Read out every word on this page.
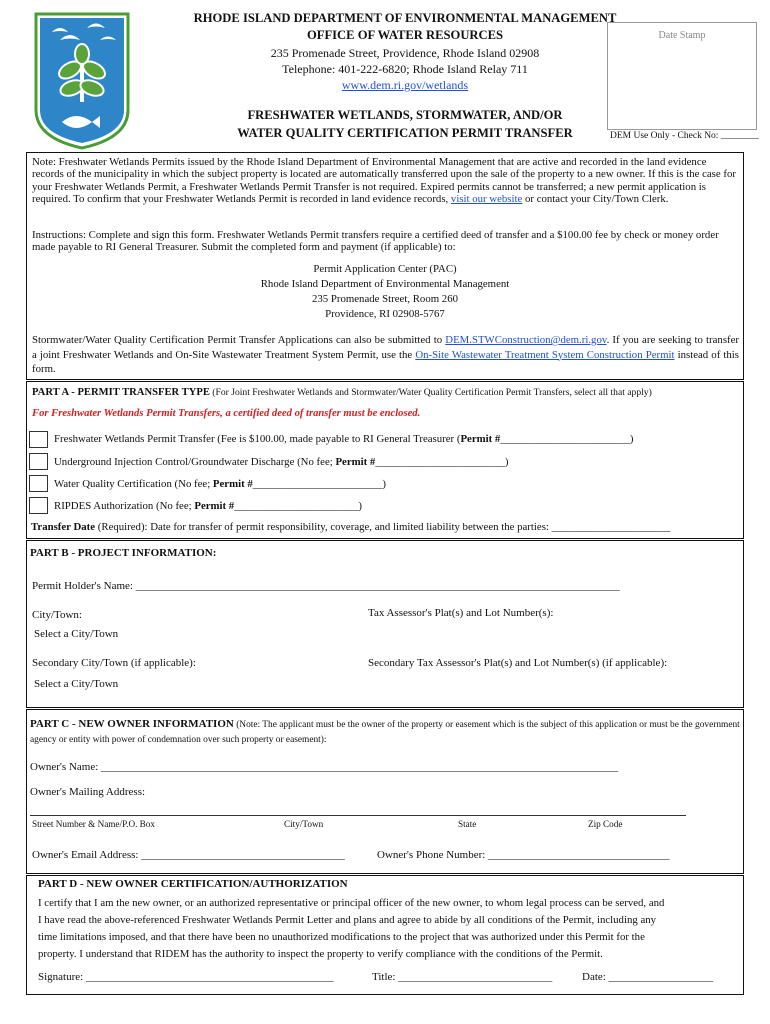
RHODE ISLAND DEPARTMENT OF ENVIRONMENTAL MANAGEMENT
OFFICE OF WATER RESOURCES
235 Promenade Street, Providence, Rhode Island 02908
Telephone: 401-222-6820; Rhode Island Relay 711
www.dem.ri.gov/wetlands
FRESHWATER WETLANDS, STORMWATER, AND/OR
WATER QUALITY CERTIFICATION PERMIT TRANSFER
Date Stamp
DEM Use Only - Check No: ________
Note: Freshwater Wetlands Permits issued by the Rhode Island Department of Environmental Management that are active and recorded in the land evidence records of the municipality in which the subject property is located are automatically transferred upon the sale of the property to a new owner. If this is the case for your Freshwater Wetlands Permit, a Freshwater Wetlands Permit Transfer is not required. Expired permits cannot be transferred; a new permit application is required. To confirm that your Freshwater Wetlands Permit is recorded in land evidence records, visit our website or contact your City/Town Clerk.
Instructions: Complete and sign this form. Freshwater Wetlands Permit transfers require a certified deed of transfer and a $100.00 fee by check or money order made payable to RI General Treasurer. Submit the completed form and payment (if applicable) to:
Permit Application Center (PAC)
Rhode Island Department of Environmental Management
235 Promenade Street, Room 260
Providence, RI 02908-5767
Stormwater/Water Quality Certification Permit Transfer Applications can also be submitted to DEM.STWConstruction@dem.ri.gov. If you are seeking to transfer a joint Freshwater Wetlands and On-Site Wastewater Treatment System Permit, use the On-Site Wastewater Treatment System Construction Permit instead of this form.
PART A - PERMIT TRANSFER TYPE (For Joint Freshwater Wetlands and Stormwater/Water Quality Certification Permit Transfers, select all that apply)
For Freshwater Wetlands Permit Transfers, a certified deed of transfer must be enclosed.
Freshwater Wetlands Permit Transfer (Fee is $100.00, made payable to RI General Treasurer (Permit #________________________)
Underground Injection Control/Groundwater Discharge (No fee; Permit #________________________)
Water Quality Certification (No fee; Permit #________________________)
RIPDES Authorization (No fee; Permit #_______________________)
Transfer Date (Required): Date for transfer of permit responsibility, coverage, and limited liability between the parties: ______________________
PART B - PROJECT INFORMATION:
Permit Holder's Name: ________________________________________________________________________________________
City/Town:	Tax Assessor's Plat(s) and Lot Number(s):
Select a City/Town
Secondary City/Town (if applicable):	Secondary Tax Assessor's Plat(s) and Lot Number(s) (if applicable):
Select a City/Town
PART C - NEW OWNER INFORMATION (Note: The applicant must be the owner of the property or easement which is the subject of this application or must be the government agency or entity with power of condemnation over such property or easement):
Owner's Name: ______________________________________________________________________________________________
Owner's Mailing Address:
Street Number & Name/P.O. Box	City/Town	State	Zip Code
Owner's Email Address: _____________________________________	Owner's Phone Number: _________________________________
PART D - NEW OWNER CERTIFICATION/AUTHORIZATION
I certify that I am the new owner, or an authorized representative or principal officer of the new owner, to whom legal process can be served, and
I have read the above-referenced Freshwater Wetlands Permit Letter and plans and agree to abide by all conditions of the Permit, including any
time limitations imposed, and that there have been no unauthorized modifications to the project that was authorized under this Permit for the
property. I understand that RIDEM has the authority to inspect the property to verify compliance with the conditions of the Permit.
Signature: _____________________________________________	Title: ____________________________	Date: ___________________
